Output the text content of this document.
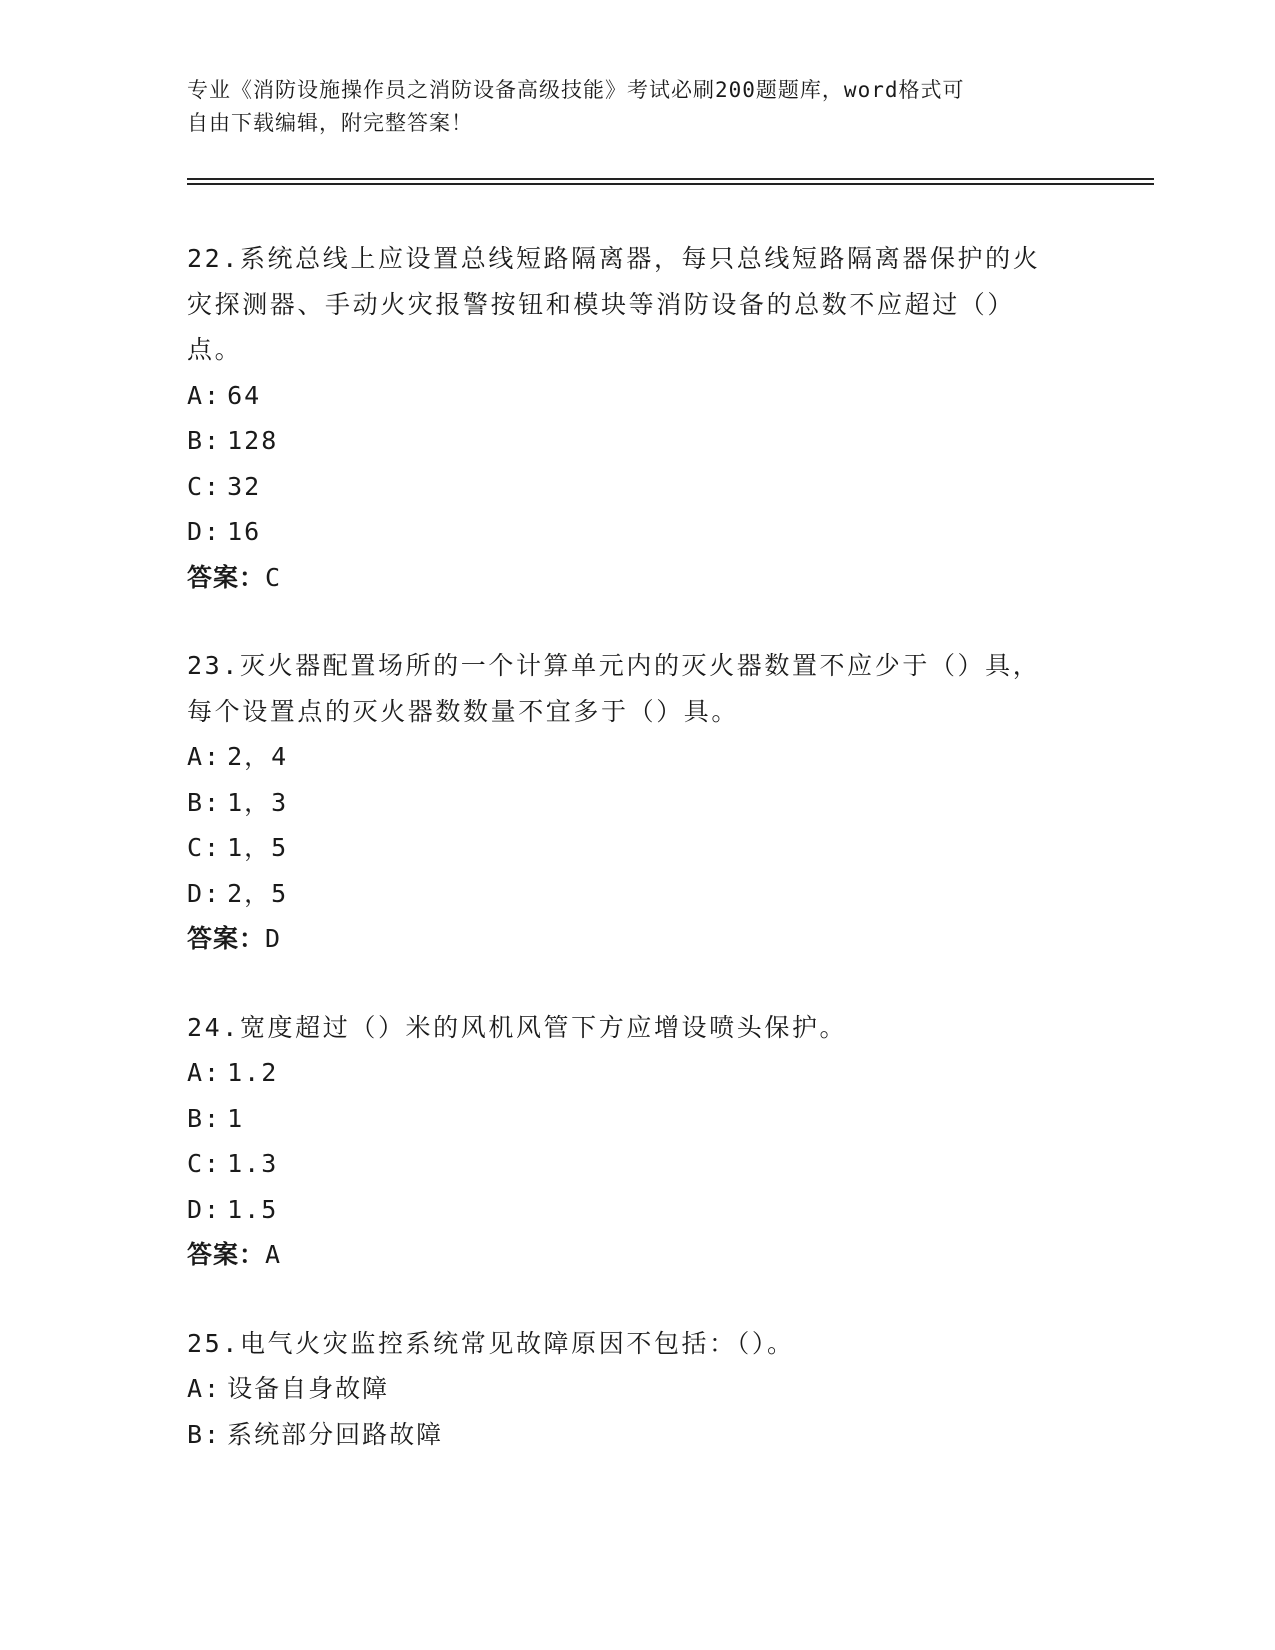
专业《消防设施操作员之消防设备高级技能》考试必刷200题题库，word格式可
自由下载编辑，附完整答案！
22.系统总线上应设置总线短路隔离器，每只总线短路隔离器保护的火
灾探测器、手动火灾报警按钮和模块等消防设备的总数不应超过（）
点。
A: 64
B: 128
C: 32
D: 16
答案：C
23.灭火器配置场所的一个计算单元内的灭火器数置不应少于（）具，
每个设置点的灭火器数数量不宜多于（）具。
A: 2，4
B: 1，3
C: 1，5
D: 2，5
答案：D
24.宽度超过（）米的风机风管下方应增设喷头保护。
A: 1.2
B: 1
C: 1.3
D: 1.5
答案：A
25.电气火灾监控系统常见故障原因不包括：（）。
A: 设备自身故障
B: 系统部分回路故障
